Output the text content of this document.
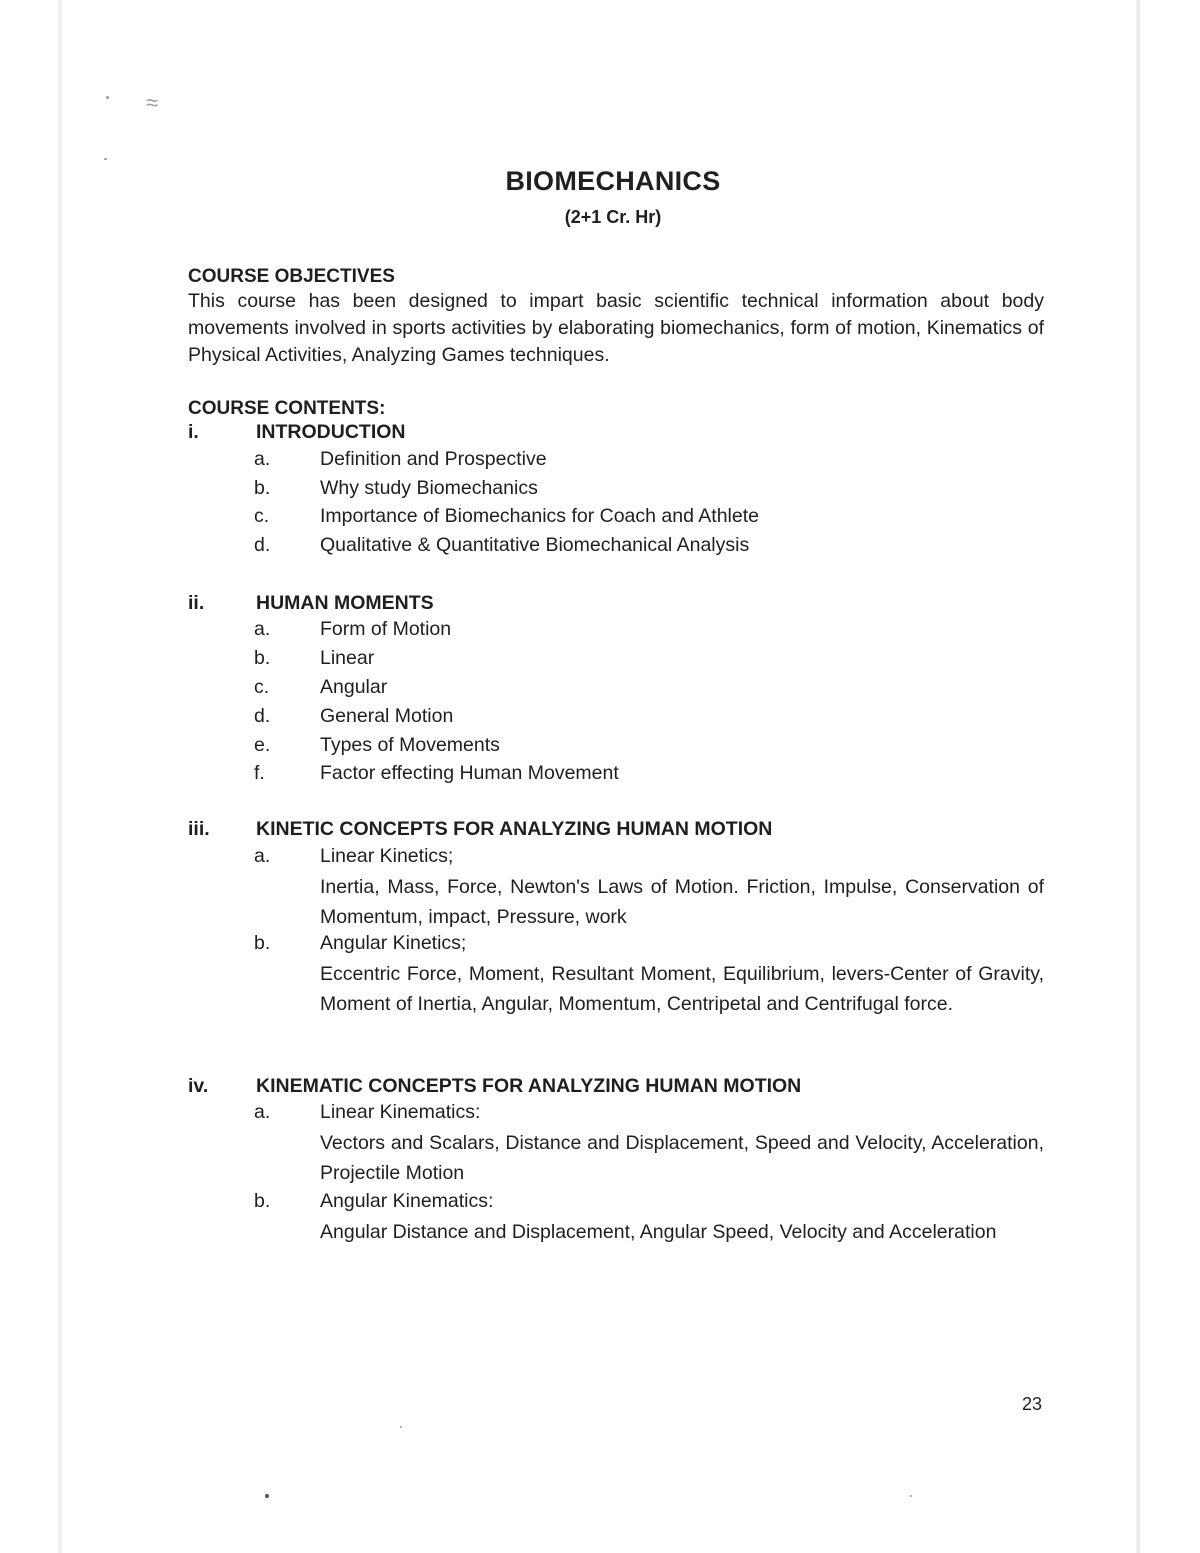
≈
BIOMECHANICS
(2+1 Cr. Hr)
COURSE OBJECTIVES
This course has been designed to impart basic scientific technical information about body movements involved in sports activities by elaborating biomechanics, form of motion, Kinematics of Physical Activities, Analyzing Games techniques.
COURSE CONTENTS:
i.	INTRODUCTION
a.	Definition and Prospective
b.	Why study Biomechanics
c.	Importance of Biomechanics for Coach and Athlete
d.	Qualitative & Quantitative Biomechanical Analysis
ii.	HUMAN MOMENTS
a.	Form of Motion
b.	Linear
c.	Angular
d.	General Motion
e.	Types of Movements
f.	Factor effecting Human Movement
iii. KINETIC CONCEPTS FOR ANALYZING HUMAN MOTION
a.	Linear Kinetics;
Inertia, Mass, Force, Newton's Laws of Motion. Friction, Impulse, Conservation of Momentum, impact, Pressure, work
b.	Angular Kinetics;
Eccentric Force, Moment, Resultant Moment, Equilibrium, levers-Center of Gravity, Moment of Inertia, Angular, Momentum, Centripetal and Centrifugal force.
iv. KINEMATIC CONCEPTS FOR ANALYZING HUMAN MOTION
a.	Linear Kinematics:
Vectors and Scalars, Distance and Displacement, Speed and Velocity, Acceleration, Projectile Motion
b.	Angular Kinematics:
Angular Distance and Displacement, Angular Speed, Velocity and Acceleration
23
